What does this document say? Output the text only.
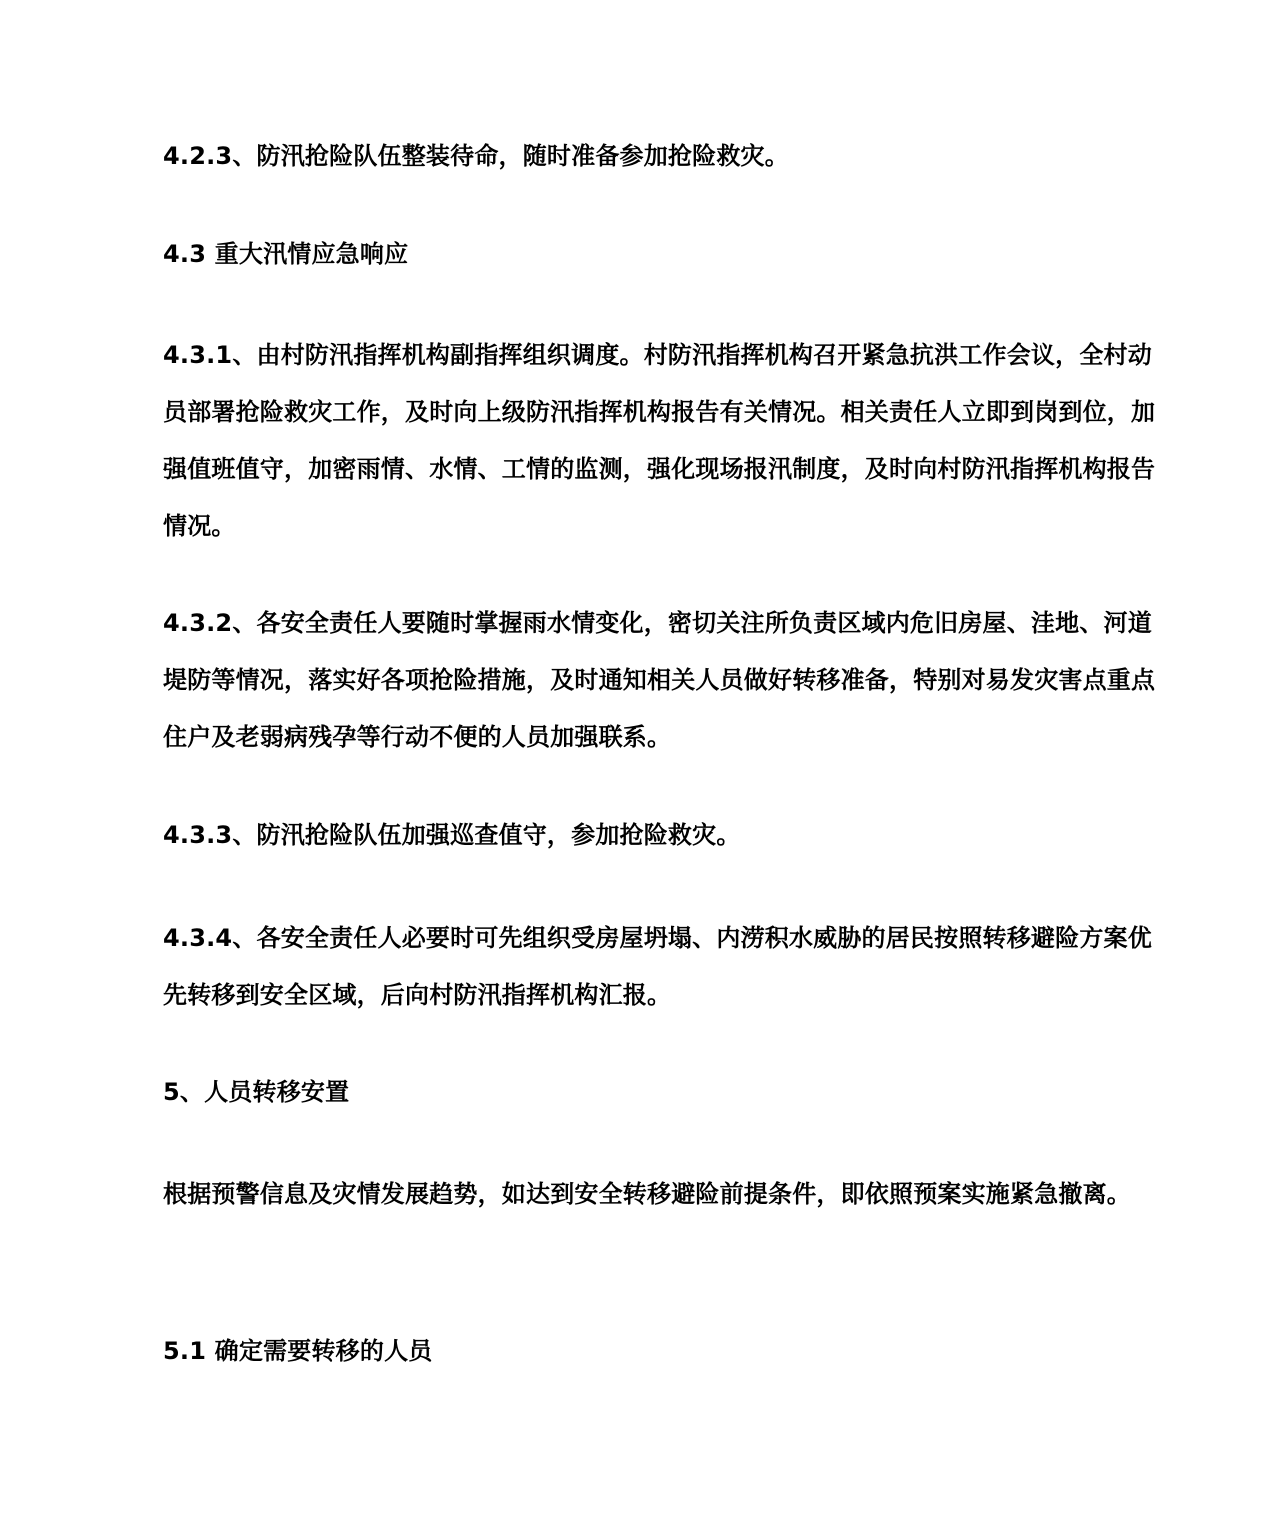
4.2.3、防汛抢险队伍整装待命，随时准备参加抢险救灾。

4.3 重大汛情应急响应

4.3.1、由村防汛指挥机构副指挥组织调度。村防汛指挥机构召开紧急抗洪工作会议，全村动员部署抢险救灾工作，及时向上级防汛指挥机构报告有关情况。相关责任人立即到岗到位，加强值班值守，加密雨情、水情、工情的监测，强化现场报汛制度，及时向村防汛指挥机构报告情况。

4.3.2、各安全责任人要随时掌握雨水情变化，密切关注所负责区域内危旧房屋、洼地、河道堤防等情况，落实好各项抢险措施，及时通知相关人员做好转移准备，特别对易发灾害点重点住户及老弱病残孕等行动不便的人员加强联系。

4.3.3、防汛抢险队伍加强巡查值守，参加抢险救灾。

4.3.4、各安全责任人必要时可先组织受房屋坍塌、内涝积水威胁的居民按照转移避险方案优先转移到安全区域，后向村防汛指挥机构汇报。

5、人员转移安置

根据预警信息及灾情发展趋势，如达到安全转移避险前提条件，即依照预案实施紧急撤离。

5.1 确定需要转移的人员
